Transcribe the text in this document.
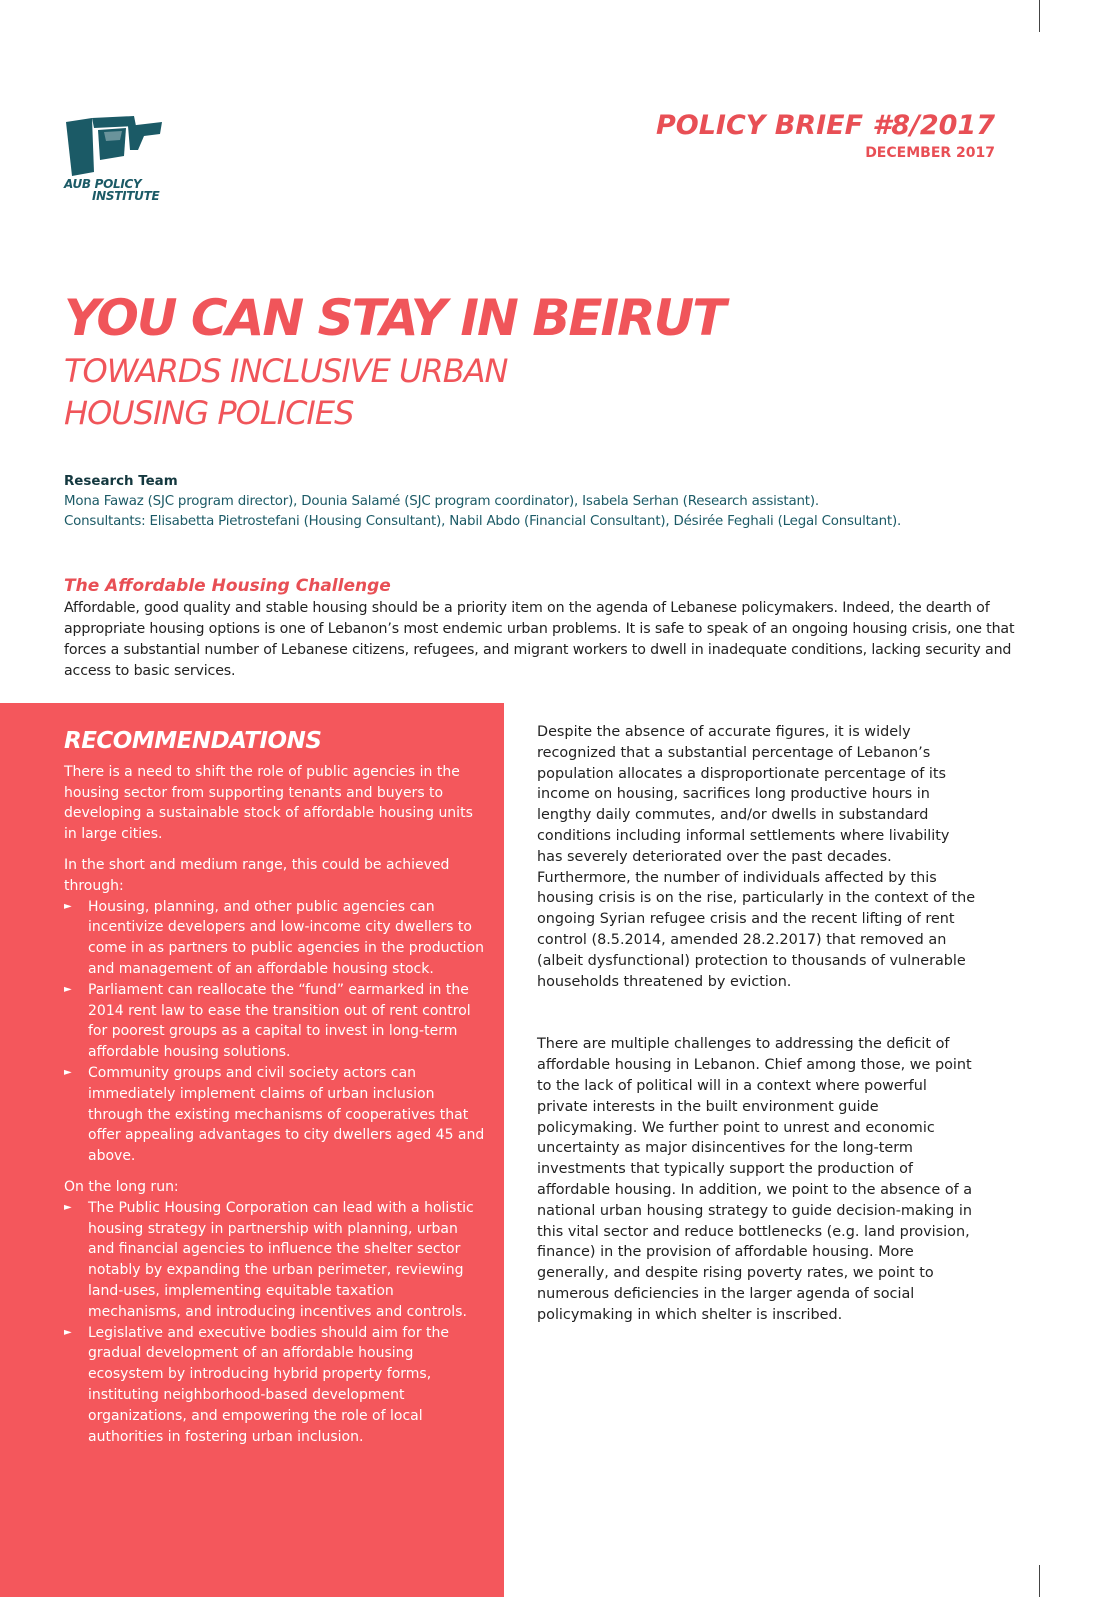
AUB POLICY
INSTITUTE
POLICY BRIEF #8/2017
DECEMBER 2017
YOU CAN STAY IN BEIRUT
TOWARDS INCLUSIVE URBAN HOUSING POLICIES
Research Team
Mona Fawaz (SJC program director), Dounia Salamé (SJC program coordinator), Isabela Serhan (Research assistant).
Consultants: Elisabetta Pietrostefani (Housing Consultant), Nabil Abdo (Financial Consultant), Désirée Feghali (Legal Consultant).
The Affordable Housing Challenge

Affordable, good quality and stable housing should be a priority item on the agenda of Lebanese policymakers. Indeed, the dearth of appropriate housing options is one of Lebanon’s most endemic urban problems. It is safe to speak of an ongoing housing crisis, one that forces a substantial number of Lebanese citizens, refugees, and migrant workers to dwell in inadequate conditions, lacking security and access to basic services.

RECOMMENDATIONS

There is a need to shift the role of public agencies in the housing sector from supporting tenants and buyers to developing a sustainable stock of affordable housing units in large cities.

In the short and medium range, this could be achieved through:

► Housing, planning, and other public agencies can incentivize developers and low-income city dwellers to come in as partners to public agencies in the production and management of an affordable housing stock.
► Parliament can reallocate the “fund” earmarked in the 2014 rent law to ease the transition out of rent control for poorest groups as a capital to invest in long-term affordable housing solutions.
► Community groups and civil society actors can immediately implement claims of urban inclusion through the existing mechanisms of cooperatives that offer appealing advantages to city dwellers aged 45 and above.

On the long run:

► The Public Housing Corporation can lead with a holistic housing strategy in partnership with planning, urban and financial agencies to influence the shelter sector notably by expanding the urban perimeter, reviewing land-uses, implementing equitable taxation mechanisms, and introducing incentives and controls.
► Legislative and executive bodies should aim for the gradual development of an affordable housing ecosystem by introducing hybrid property forms, instituting neighborhood-based development organizations, and empowering the role of local authorities in fostering urban inclusion.

Despite the absence of accurate figures, it is widely recognized that a substantial percentage of Lebanon’s population allocates a disproportionate percentage of its income on housing, sacrifices long productive hours in lengthy daily commutes, and/or dwells in substandard conditions including informal settlements where livability has severely deteriorated over the past decades. Furthermore, the number of individuals affected by this housing crisis is on the rise, particularly in the context of the ongoing Syrian refugee crisis and the recent lifting of rent control (8.5.2014, amended 28.2.2017) that removed an (albeit dysfunctional) protection to thousands of vulnerable households threatened by eviction.

There are multiple challenges to addressing the deficit of affordable housing in Lebanon. Chief among those, we point to the lack of political will in a context where powerful private interests in the built environment guide policymaking. We further point to unrest and economic uncertainty as major disincentives for the long-term investments that typically support the production of affordable housing. In addition, we point to the absence of a national urban housing strategy to guide decision-making in this vital sector and reduce bottlenecks (e.g. land provision, finance) in the provision of affordable housing. More generally, and despite rising poverty rates, we point to numerous deficiencies in the larger agenda of social policymaking in which shelter is inscribed.
